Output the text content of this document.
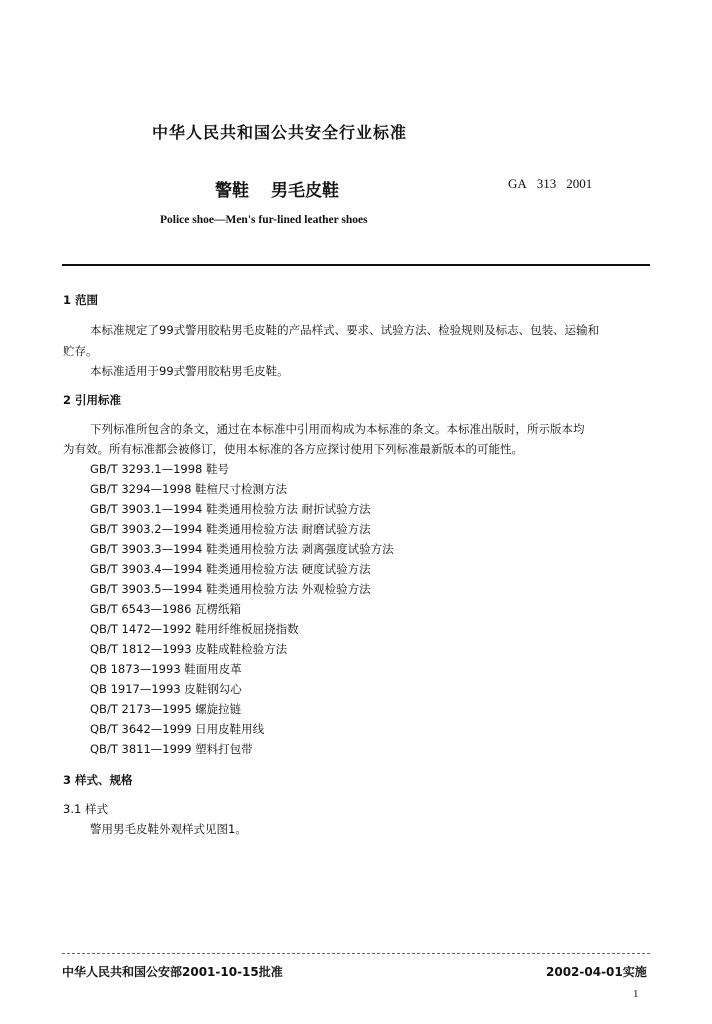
中华人民共和国公共安全行业标准
警鞋 男毛皮鞋	GA 313 2001
Police shoe—Men's fur-lined leather shoes
1 范围
本标准规定了99式警用胶粘男毛皮鞋的产品样式、要求、试验方法、检验规则及标志、包装、运输和
贮存。
本标准适用于99式警用胶粘男毛皮鞋。
2 引用标准
下列标准所包含的条文，通过在本标准中引用而构成为本标准的条文。本标准出版时，所示版本均
为有效。所有标准都会被修订，使用本标准的各方应探讨使用下列标准最新版本的可能性。
GB/T 3293.1—1998 鞋号
GB/T 3294—1998 鞋楦尺寸检测方法
GB/T 3903.1—1994 鞋类通用检验方法 耐折试验方法
GB/T 3903.2—1994 鞋类通用检验方法 耐磨试验方法
GB/T 3903.3—1994 鞋类通用检验方法 剥离强度试验方法
GB/T 3903.4—1994 鞋类通用检验方法 硬度试验方法
GB/T 3903.5—1994 鞋类通用检验方法 外观检验方法
GB/T 6543—1986 瓦楞纸箱
QB/T 1472—1992 鞋用纤维板屈挠指数
QB/T 1812—1993 皮鞋成鞋检验方法
QB 1873—1993 鞋面用皮革
QB 1917—1993 皮鞋钢勾心
QB/T 2173—1995 螺旋拉链
QB/T 3642—1999 日用皮鞋用线
QB/T 3811—1999 塑料打包带
3 样式、规格
3.1 样式
警用男毛皮鞋外观样式见图1。
中华人民共和国公安部2001-10-15批准	2002-04-01实施
1
